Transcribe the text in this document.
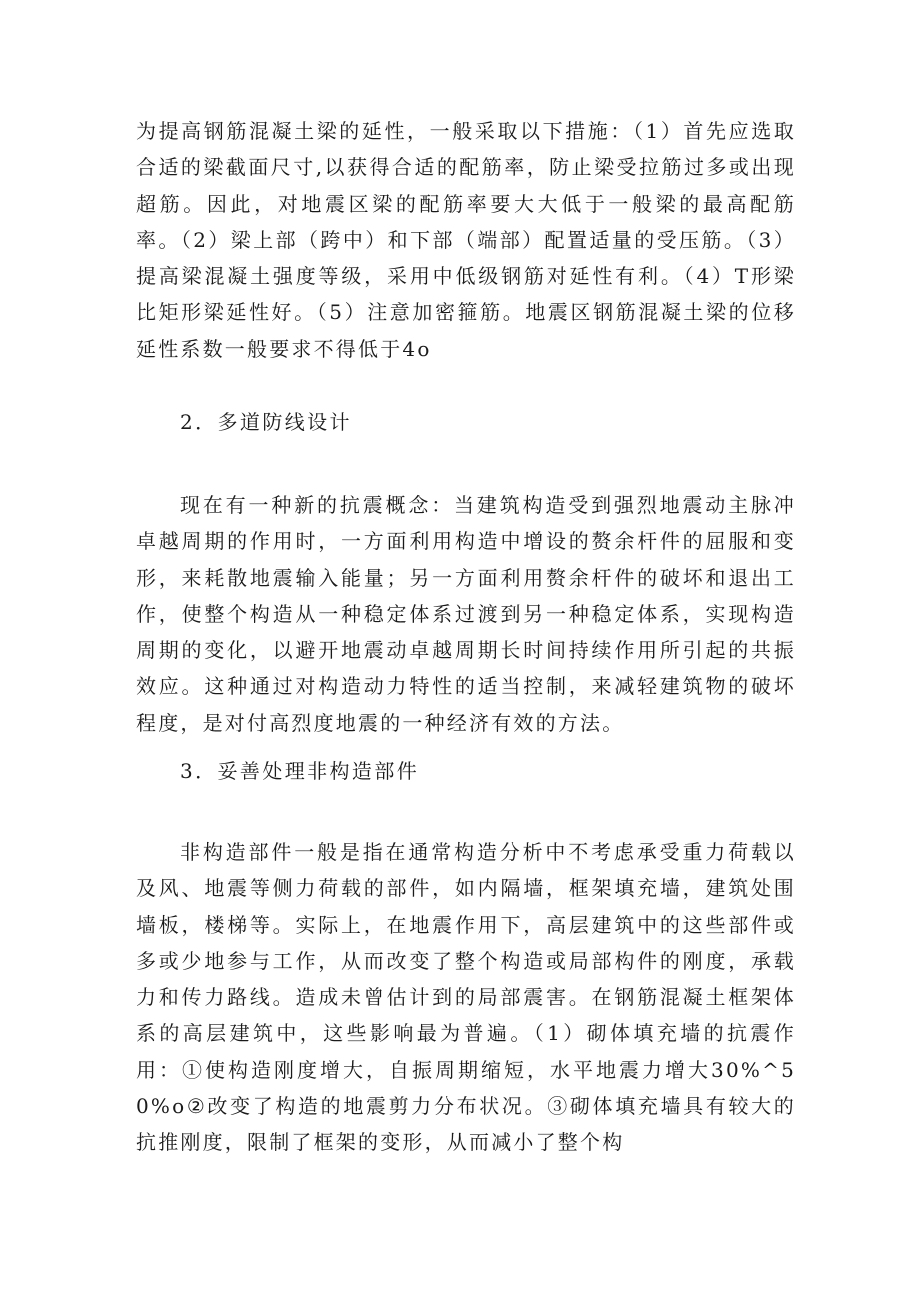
为提高钢筋混凝土梁的延性，一般采取以下措施：（1）首先应选取合适的梁截面尺寸,以获得合适的配筋率，防止梁受拉筋过多或出现超筋。因此，对地震区梁的配筋率要大大低于一般梁的最高配筋率。（2）梁上部（跨中）和下部（端部）配置适量的受压筋。（3）提高梁混凝土强度等级，采用中低级钢筋对延性有利。（4）T形梁比矩形梁延性好。（5）注意加密箍筋。地震区钢筋混凝土梁的位移延性系数一般要求不得低于4o

2．多道防线设计

现在有一种新的抗震概念：当建筑构造受到强烈地震动主脉冲卓越周期的作用时，一方面利用构造中增设的赘余杆件的屈服和变形，来耗散地震输入能量；另一方面利用赘余杆件的破坏和退出工作，使整个构造从一种稳定体系过渡到另一种稳定体系，实现构造周期的变化，以避开地震动卓越周期长时间持续作用所引起的共振效应。这种通过对构造动力特性的适当控制，来减轻建筑物的破坏程度，是对付高烈度地震的一种经济有效的方法。

3．妥善处理非构造部件

非构造部件一般是指在通常构造分析中不考虑承受重力荷载以及风、地震等侧力荷载的部件，如内隔墙，框架填充墙，建筑处围墙板，楼梯等。实际上，在地震作用下，高层建筑中的这些部件或多或少地参与工作，从而改变了整个构造或局部构件的刚度，承载力和传力路线。造成未曾估计到的局部震害。在钢筋混凝土框架体系的高层建筑中，这些影响最为普遍。（1）砌体填充墙的抗震作用：①使构造刚度增大，自振周期缩短，水平地震力增大30%^50%o②改变了构造的地震剪力分布状况。③砌体填充墙具有较大的抗推刚度，限制了框架的变形，从而减小了整个构
